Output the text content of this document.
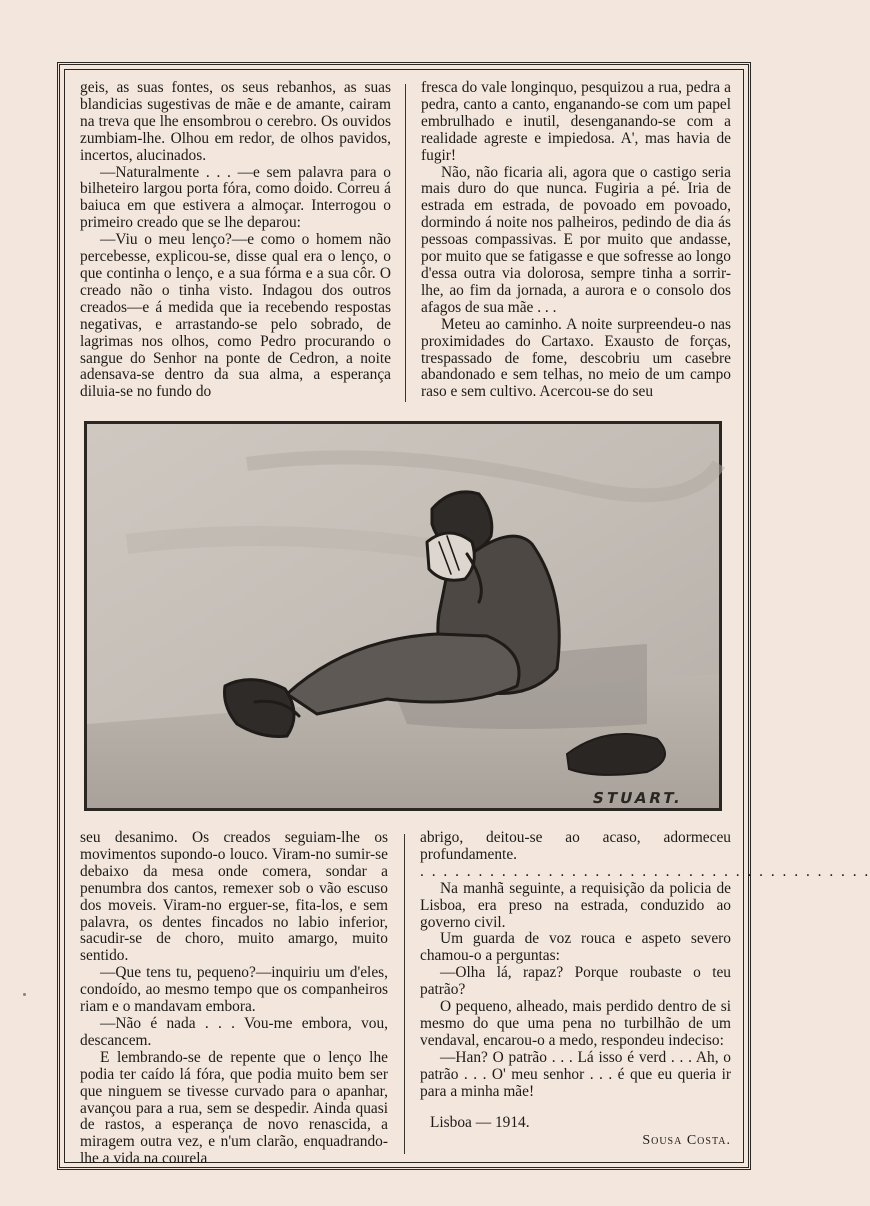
geis, as suas fontes, os seus rebanhos, as suas blandicias sugestivas de mãe e de amante, cairam na treva que lhe ensombrou o cerebro. Os ouvidos zumbiam-lhe. Olhou em redor, de olhos pavidos, incertos, alucinados.

—Naturalmente . . . —e sem palavra para o bilheteiro largou porta fóra, como doido. Correu á baiuca em que estivera a almoçar. Interrogou o primeiro creado que se lhe deparou:

—Viu o meu lenço?—e como o homem não percebesse, explicou-se, disse qual era o lenço, o que continha o lenço, e a sua fórma e a sua côr. O creado não o tinha visto. Indagou dos outros creados—e á medida que ia recebendo respostas negativas, e arrastando-se pelo sobrado, de lagrimas nos olhos, como Pedro procurando o sangue do Senhor na ponte de Cedron, a noite adensava-se dentro da sua alma, a esperança diluia-se no fundo do

fresca do vale longinquo, pesquizou a rua, pedra a pedra, canto a canto, enganando-se com um papel embrulhado e inutil, desenganando-se com a realidade agreste e impiedosa. A', mas havia de fugir!

Não, não ficaria ali, agora que o castigo seria mais duro do que nunca. Fugiria a pé. Iria de estrada em estrada, de povoado em povoado, dormindo á noite nos palheiros, pedindo de dia ás pessoas compassivas. E por muito que andasse, por muito que se fatigasse e que sofresse ao longo d'essa outra via dolorosa, sempre tinha a sorrir-lhe, ao fim da jornada, a aurora e o consolo dos afagos de sua mãe . . .

Meteu ao caminho. A noite surpreendeu-o nas proximidades do Cartaxo. Exausto de forças, trespassado de fome, descobriu um casebre abandonado e sem telhas, no meio de um campo raso e sem cultivo. Acercou-se do seu

STUART.

seu desanimo. Os creados seguiam-lhe os movimentos supondo-o louco. Viram-no sumir-se debaixo da mesa onde comera, sondar a penumbra dos cantos, remexer sob o vão escuso dos moveis. Viram-no erguer-se, fita-los, e sem palavra, os dentes fincados no labio inferior, sacudir-se de choro, muito amargo, muito sentido.

—Que tens tu, pequeno?—inquiriu um d'eles, condoído, ao mesmo tempo que os companheiros riam e o mandavam embora.

—Não é nada . . . Vou-me embora, vou, descancem.

E lembrando-se de repente que o lenço lhe podia ter caído lá fóra, que podia muito bem ser que ninguem se tivesse curvado para o apanhar, avançou para a rua, sem se despedir. Ainda quasi de rastos, a esperança de novo renascida, a miragem outra vez, e n'um clarão, enquadrando-lhe a vida na courela

abrigo, deitou-se ao acaso, adormeceu profundamente.

. . . . . . . . . . . . . . . . . . . . . . . . . . . . . . . . . . . . . . .

Na manhã seguinte, a requisição da policia de Lisboa, era preso na estrada, conduzido ao governo civil.

Um guarda de voz rouca e aspeto severo chamou-o a perguntas:

—Olha lá, rapaz? Porque roubaste o teu patrão?

O pequeno, alheado, mais perdido dentro de si mesmo do que uma pena no turbilhão de um vendaval, encarou-o a medo, respondeu indeciso:

—Han? O patrão . . . Lá isso é verd . . . Ah, o patrão . . . O' meu senhor . . . é que eu queria ir para a minha mãe!

Lisboa — 1914.

Sousa Costa.
